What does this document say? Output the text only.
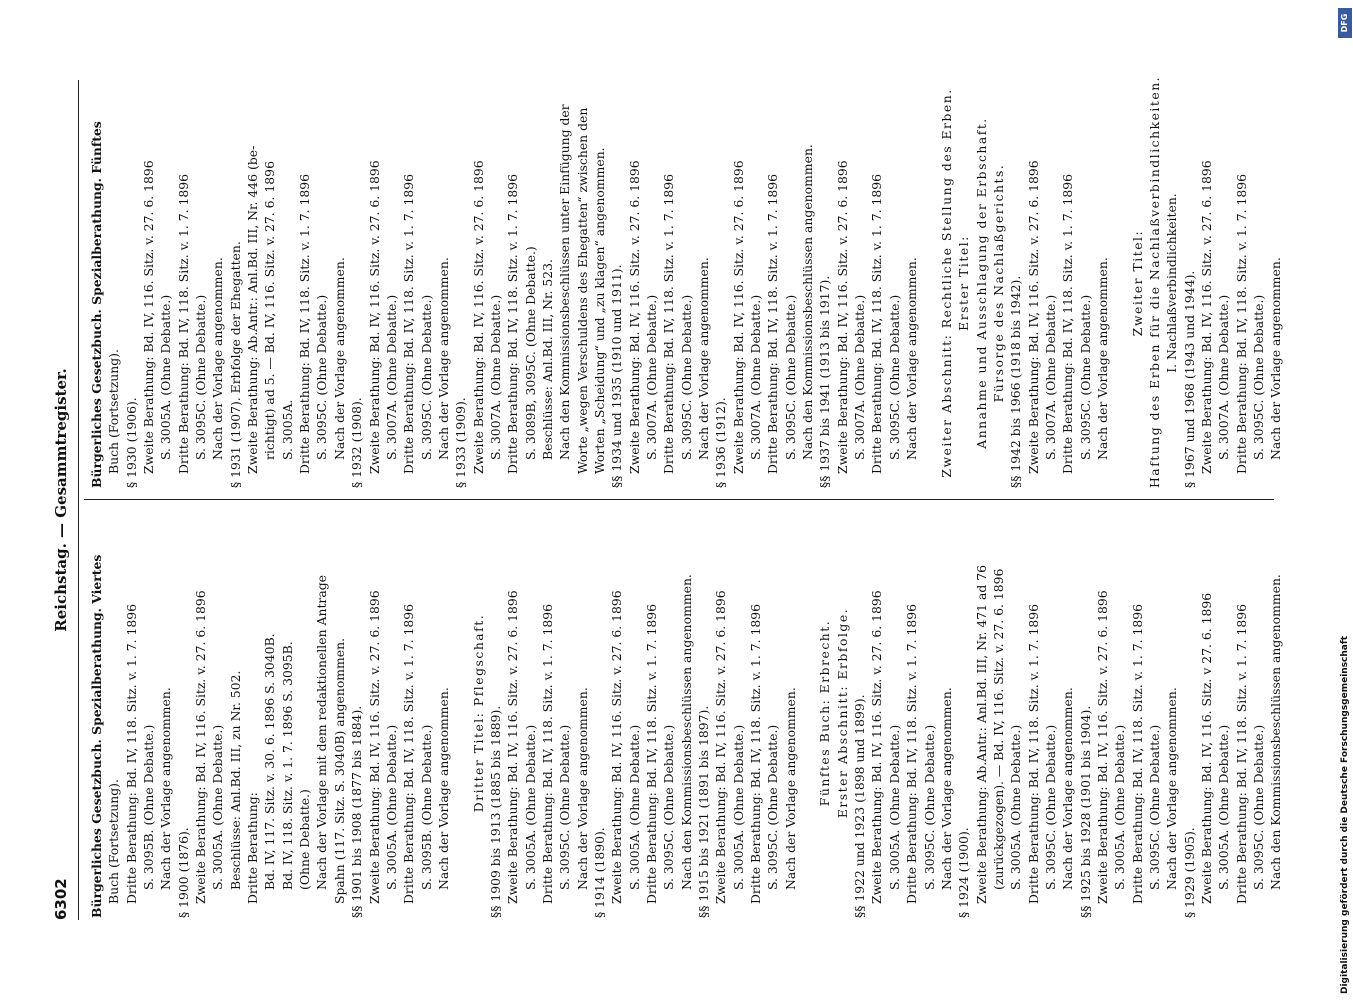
6302
Reichstag. — Gesammtregister.
Bürgerliches Gesetzbuch. Spezialberathung. Viertes Buch (Fortsetzung). Dritte Berathung: Bd. IV, 118. Sitz. v. 1. 7. 1896 S. 3095B. (Ohne Debatte.) Nach der Vorlage angenommen. § 1900 (1876). Zweite Berathung: Bd. IV, 116. Sitz. v. 27. 6. 1896 S. 3005A. (Ohne Debatte.) Beschlüsse: Anl.Bd. III, zu Nr. 502. Dritte Berathung: Bd. IV, 117. Sitz. v. 30. 6. 1896 S. 3040B. Bd. IV, 118. Sitz. v. 1. 7. 1896 S. 3095B. (Ohne Debatte.) Nach der Vorlage mit dem redaktionellen Antrage Spahn (117. Sitz. S. 3040B) angenommen. §§ 1901 bis 1908 (1877 bis 1884). Zweite Berathung: Bd. IV, 116. Sitz. v. 27. 6. 1896 S. 3005A. (Ohne Debatte.) Dritte Berathung: Bd. IV, 118. Sitz. v. 1. 7. 1896 S. 3095B. (Ohne Debatte.) Nach der Vorlage angenommen. Dritter Titel: Pflegschaft. §§ 1909 bis 1913 (1885 bis 1889). Zweite Berathung: Bd. IV, 116. Sitz. v. 27. 6. 1896 S. 3005A. (Ohne Debatte.) Dritte Berathung: Bd. IV, 118. Sitz. v. 1. 7. 1896 S. 3095C. (Ohne Debatte.) Nach der Vorlage angenommen. § 1914 (1890). Zweite Berathung: Bd. IV, 116. Sitz. v. 27. 6. 1896 S. 3005A. (Ohne Debatte.) Dritte Berathung: Bd. IV, 118. Sitz. v. 1. 7. 1896 S. 3095C. (Ohne Debatte.) Nach den Kommissionsbeschlüssen angenommen. §§ 1915 bis 1921 (1891 bis 1897). Zweite Berathung: Bd. IV, 116. Sitz. v. 27. 6. 1896 S. 3005A. (Ohne Debatte.) Dritte Berathung: Bd. IV, 118. Sitz. v. 1. 7. 1896 S. 3095C. (Ohne Debatte.) Nach der Vorlage angenommen. Fünftes Buch: Erbrecht. Erster Abschnitt: Erbfolge. §§ 1922 und 1923 (1898 und 1899). Zweite Berathung: Bd. IV, 116. Sitz. v. 27. 6. 1896 S. 3005A. (Ohne Debatte.) Dritte Berathung: Bd. IV, 118. Sitz. v. 1. 7. 1896 S. 3095C. (Ohne Debatte.) Nach der Vorlage angenommen. § 1924 (1900). Zweite Berathung: Ab.Antr.: Anl.Bd. III, Nr. 471 ad 76 (zurückgezogen). — Bd. IV, 116. Sitz. v. 27. 6. 1896 S. 3005A. (Ohne Debatte.) Dritte Berathung: Bd. IV, 118. Sitz. v. 1. 7. 1896 S. 3095C. (Ohne Debatte.) Nach der Vorlage angenommen. §§ 1925 bis 1928 (1901 bis 1904). Zweite Berathung: Bd. IV, 116. Sitz. v. 27. 6. 1896 S. 3005A. (Ohne Debatte.) Dritte Berathung: Bd. IV, 118. Sitz. v. 1. 7. 1896 S. 3095C. (Ohne Debatte.) Nach der Vorlage angenommen. § 1929 (1905). Zweite Berathung: Bd. IV, 116. Sitz. v 27. 6. 1896 S. 3005A. (Ohne Debatte.) Dritte Berathung: Bd. IV, 118. Sitz. v. 1. 7. 1896 S. 3095C. (Ohne Debatte.) Nach den Kommissionsbeschlüssen angenommen.
Bürgerliches Gesetzbuch. Spezialberathung. Fünftes Buch (Fortsetzung). § 1930 (1906). Zweite Berathung: Bd. IV, 116. Sitz. v. 27. 6. 1896 S. 3005A. (Ohne Debatte.) Dritte Berathung: Bd. IV, 118. Sitz. v. 1. 7. 1896 S. 3095C. (Ohne Debatte.) Nach der Vorlage angenommen. § 1931 (1907). Erbfolge der Ehegatten. Zweite Berathung: Ab.Antr.: Anl.Bd. III, Nr. 446 (be- richtigt) ad 5. — Bd. IV, 116. Sitz. v. 27. 6. 1896 S. 3005A. Dritte Berathung: Bd. IV, 118. Sitz. v. 1. 7. 1896 S. 3095C. (Ohne Debatte.) Nach der Vorlage angenommen. § 1932 (1908). Zweite Berathung: Bd. IV, 116. Sitz. v. 27. 6. 1896 S. 3007A. (Ohne Debatte.) Dritte Berathung: Bd. IV, 118. Sitz. v. 1. 7. 1896 S. 3095C. (Ohne Debatte.) Nach der Vorlage angenommen. § 1933 (1909). Zweite Berathung: Bd. IV, 116. Sitz. v. 27. 6. 1896 S. 3007A. (Ohne Debatte.) Dritte Berathung: Bd. IV, 118. Sitz. v. 1. 7. 1896 S. 3089B, 3095C. (Ohne Debatte.) Beschlüsse: Anl.Bd. III, Nr. 523. Nach den Kommissionsbeschlüssen unter Einfügung der Worte „wegen Verschuldens des Ehegatten“ zwischen den Worten „Scheidung“ und „zu klagen“ angenommen. §§ 1934 und 1935 (1910 und 1911). Zweite Berathung: Bd. IV, 116. Sitz. v. 27. 6. 1896 S. 3007A. (Ohne Debatte.) Dritte Berathung: Bd. IV, 118. Sitz. v. 1. 7. 1896 S. 3095C. (Ohne Debatte.) Nach der Vorlage angenommen. § 1936 (1912). Zweite Berathung: Bd. IV, 116. Sitz. v. 27. 6. 1896 S. 3007A. (Ohne Debatte.) Dritte Berathung: Bd. IV, 118. Sitz. v. 1. 7. 1896 S. 3095C. (Ohne Debatte.) Nach den Kommissionsbeschlüssen angenommen. §§ 1937 bis 1941 (1913 bis 1917). Zweite Berathung: Bd. IV, 116. Sitz. v. 27. 6. 1896 S. 3007A. (Ohne Debatte.) Dritte Berathung: Bd. IV, 118. Sitz. v. 1. 7. 1896 S. 3095C. (Ohne Debatte.) Nach der Vorlage angenommen. Zweiter Abschnitt: Rechtliche Stellung des Erben. Erster Titel: Annahme und Ausschlagung der Erbschaft. Fürsorge des Nachlaßgerichts. §§ 1942 bis 1966 (1918 bis 1942). Zweite Berathung: Bd. IV, 116. Sitz. v. 27. 6. 1896 S. 3007A. (Ohne Debatte.) Dritte Berathung: Bd. IV, 118. Sitz. v. 1. 7. 1896 S. 3095C. (Ohne Debatte.) Nach der Vorlage angenommen. Zweiter Titel: Haftung des Erben für die Nachlaßverbindlichkeiten. I. Nachlaßverbindlichkeiten. § 1967 und 1968 (1943 und 1944). Zweite Berathung: Bd. IV, 116. Sitz. v. 27. 6. 1896 S. 3007A. (Ohne Debatte.) Dritte Berathung: Bd. IV, 118. Sitz. v. 1. 7. 1896 S. 3095C. (Ohne Debatte.) Nach der Vorlage angenommen.
Digitalisierung gefördert durch die Deutsche Forschungsgemeinschaft
DFG
